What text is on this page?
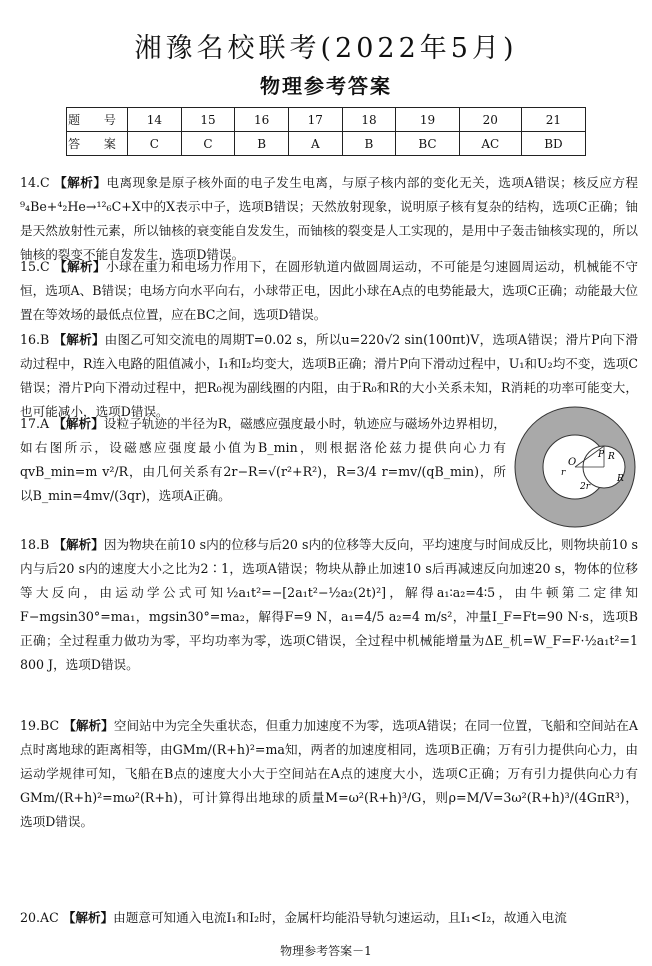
湘豫名校联考(2022年5月)
物理参考答案
题 号	14	15	16	17	18	19	20	21
答 案	C	C	B	A	B	BC	AC	BD

14.C 【解析】电离现象是原子核外面的电子发生电离，与原子核内部的变化无关，选项A错误；核反应方程⁹₄Be+⁴₂He→¹²₆C+X中的X表示中子，选项B错误；天然放射现象，说明原子核有复杂的结构，选项C正确；铀是天然放射性元素，所以铀核的衰变能自发发生，而铀核的裂变是人工实现的，是用中子轰击铀核实现的，所以铀核的裂变不能自发发生，选项D错误。

15.C 【解析】小球在重力和电场力作用下，在圆形轨道内做圆周运动，不可能是匀速圆周运动，机械能不守恒，选项A、B错误；电场方向水平向右，小球带正电，因此小球在A点的电势能最大，选项C正确；动能最大位置在等效场的最低点位置，应在BC之间，选项D错误。

16.B 【解析】由图乙可知交流电的周期T=0.02 s，所以u=220√2 sin(100πt)V，选项A错误；滑片P向下滑动过程中，R连入电路的阻值减小，I₁和I₂均变大，选项B正确；滑片P向下滑动过程中，U₁和U₂均不变，选项C错误；滑片P向下滑动过程中，把R₀视为副线圈的内阻，由于R₀和R的大小关系未知，R消耗的功率可能变大，也可能减小，选项D错误。

17.A 【解析】设粒子轨迹的半径为R，磁感应强度最小时，轨迹应与磁场外边界相切，如右图所示，设磁感应强度最小值为B_min，则根据洛伦兹力提供向心力有qvB_min=m v²/R，由几何关系有2r−R=√(r²+R²)，R=3/4 r=mv/(qB_min)，所以B_min=4mv/(3qr)，选项A正确。

O
r
P R
2r
R

18.B 【解析】因为物块在前10 s内的位移与后20 s内的位移等大反向，平均速度与时间成反比，则物块前10 s内与后20 s内的速度大小之比为2∶1，选项A错误；物块从静止加速10 s后再减速反向加速20 s，物体的位移等大反向，由运动学公式可知½a₁t²=−[2a₁t²−½a₂(2t)²]，解得a₁∶a₂=4∶5，由牛顿第二定律知F−mgsin30°=ma₁，mgsin30°=ma₂，解得F=9 N，a₁=4/5 a₂=4 m/s²，冲量I_F=Ft=90 N·s，选项B正确；全过程重力做功为零，平均功率为零，选项C错误，全过程中机械能增量为ΔE_机=W_F=F·½a₁t²=1 800 J，选项D错误。

19.BC 【解析】空间站中为完全失重状态，但重力加速度不为零，选项A错误；在同一位置，飞船和空间站在A点时离地球的距离相等，由GMm/(R+h)²=ma知，两者的加速度相同，选项B正确；万有引力提供向心力，由运动学规律可知，飞船在B点的速度大小大于空间站在A点的速度大小，选项C正确；万有引力提供向心力有GMm/(R+h)²=mω²(R+h)，可计算得出地球的质量M=ω²(R+h)³/G，则ρ=M/V=3ω²(R+h)³/(4GπR³)，选项D错误。

20.AC 【解析】由题意可知通入电流I₁和I₂时，金属杆均能沿导轨匀速运动，且I₁<I₂，故通入电流

物理参考答案－1
